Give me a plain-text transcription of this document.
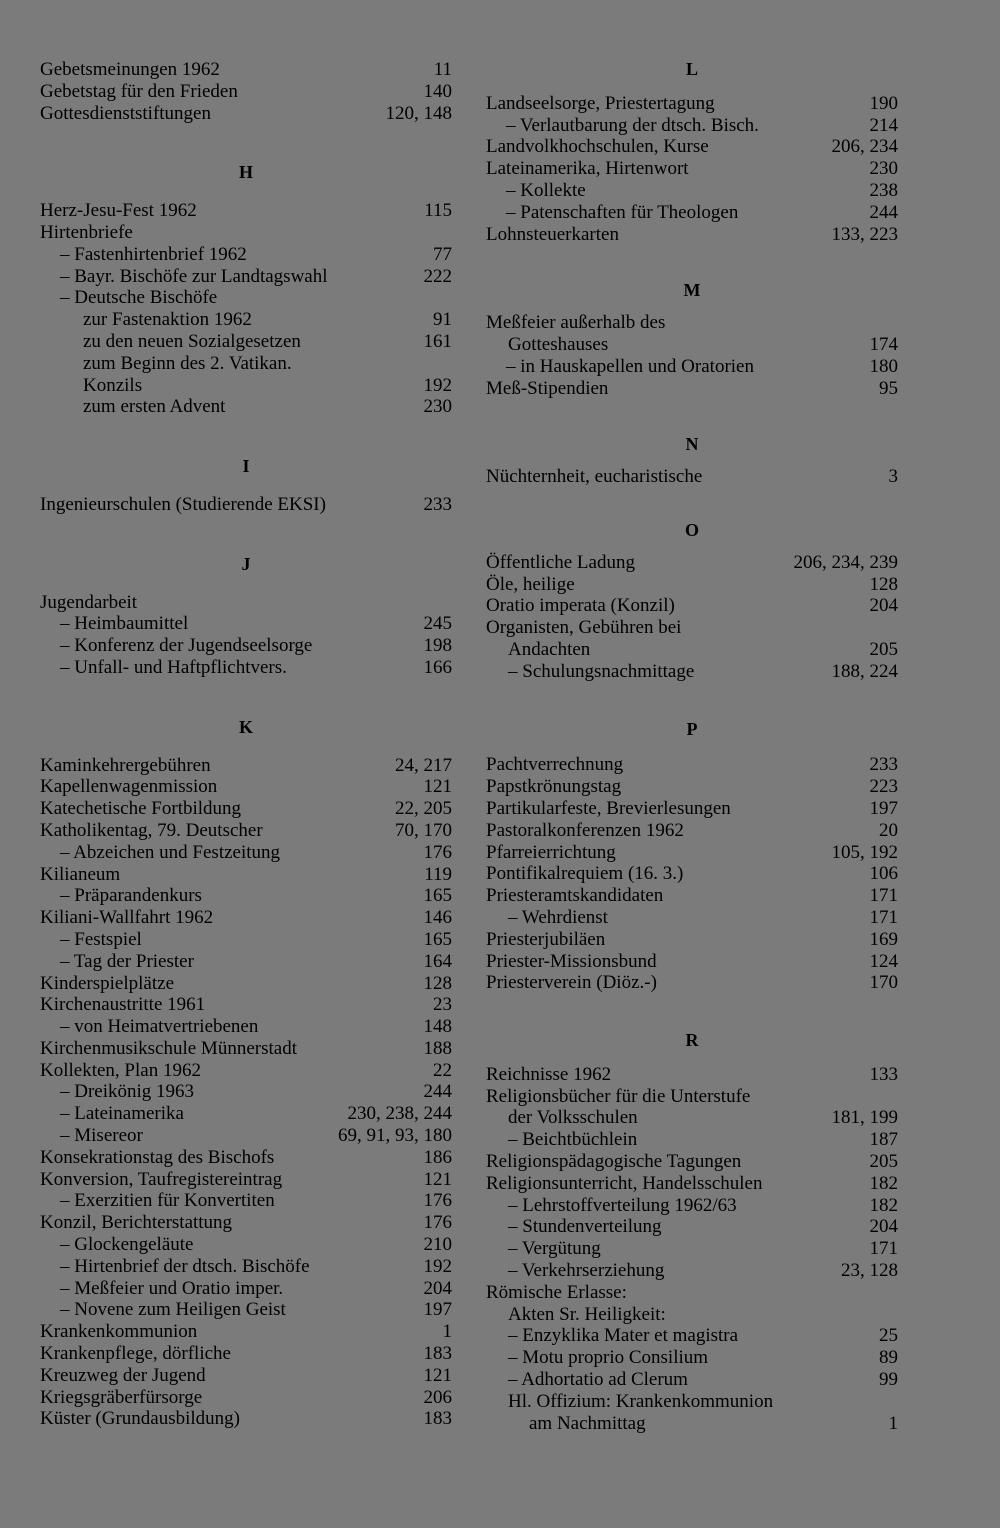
Gebetsmeinungen 1962	11
Gebetstag für den Frieden	140
Gottesdienststiftungen	120, 148
H
Herz-Jesu-Fest 1962	115
Hirtenbriefe
– Fastenhirtenbrief 1962	77
– Bayr. Bischöfe zur Landtagswahl	222
– Deutsche Bischöfe
zur Fastenaktion 1962	91
zu den neuen Sozialgesetzen	161
zum Beginn des 2. Vatikan.
Konzils	192
zum ersten Advent	230
I
Ingenieurschulen (Studierende EKSI)	233
J
Jugendarbeit
– Heimbaumittel	245
– Konferenz der Jugendseelsorge	198
– Unfall- und Haftpflichtvers.	166
K
Kaminkehrergebühren	24, 217
Kapellenwagenmission	121
Katechetische Fortbildung	22, 205
Katholikentag, 79. Deutscher	70, 170
– Abzeichen und Festzeitung	176
Kilianeum	119
– Präparandenkurs	165
Kiliani-Wallfahrt 1962	146
– Festspiel	165
– Tag der Priester	164
Kinderspielplätze	128
Kirchenaustritte 1961	23
– von Heimatvertriebenen	148
Kirchenmusikschule Münnerstadt	188
Kollekten, Plan 1962	22
– Dreikönig 1963	244
– Lateinamerika	230, 238, 244
– Misereor	69, 91, 93, 180
Konsekrationstag des Bischofs	186
Konversion, Taufregistereintrag	121
– Exerzitien für Konvertiten	176
Konzil, Berichterstattung	176
– Glockengeläute	210
– Hirtenbrief der dtsch. Bischöfe	192
– Meßfeier und Oratio imper.	204
– Novene zum Heiligen Geist	197
Krankenkommunion	1
Krankenpflege, dörfliche	183
Kreuzweg der Jugend	121
Kriegsgräberfürsorge	206
Küster (Grundausbildung)	183
L
Landseelsorge, Priestertagung	190
– Verlautbarung der dtsch. Bisch.	214
Landvolkhochschulen, Kurse	206, 234
Lateinamerika, Hirtenwort	230
– Kollekte	238
– Patenschaften für Theologen	244
Lohnsteuerkarten	133, 223
M
Meßfeier außerhalb des
Gotteshauses	174
– in Hauskapellen und Oratorien	180
Meß-Stipendien	95
N
Nüchternheit, eucharistische	3
O
Öffentliche Ladung	206, 234, 239
Öle, heilige	128
Oratio imperata (Konzil)	204
Organisten, Gebühren bei
Andachten	205
– Schulungsnachmittage	188, 224
P
Pachtverrechnung	233
Papstkrönungstag	223
Partikularfeste, Brevierlesungen	197
Pastoralkonferenzen 1962	20
Pfarreierrichtung	105, 192
Pontifikalrequiem (16. 3.)	106
Priesteramtskandidaten	171
– Wehrdienst	171
Priesterjubiläen	169
Priester-Missionsbund	124
Priesterverein (Diöz.-)	170
R
Reichnisse 1962	133
Religionsbücher für die Unterstufe
der Volksschulen	181, 199
– Beichtbüchlein	187
Religionspädagogische Tagungen	205
Religionsunterricht, Handelsschulen	182
– Lehrstoffverteilung 1962/63	182
– Stundenverteilung	204
– Vergütung	171
– Verkehrserziehung	23, 128
Römische Erlasse:
Akten Sr. Heiligkeit:
– Enzyklika Mater et magistra	25
– Motu proprio Consilium	89
– Adhortatio ad Clerum	99
Hl. Offizium: Krankenkommunion
am Nachmittag	1
